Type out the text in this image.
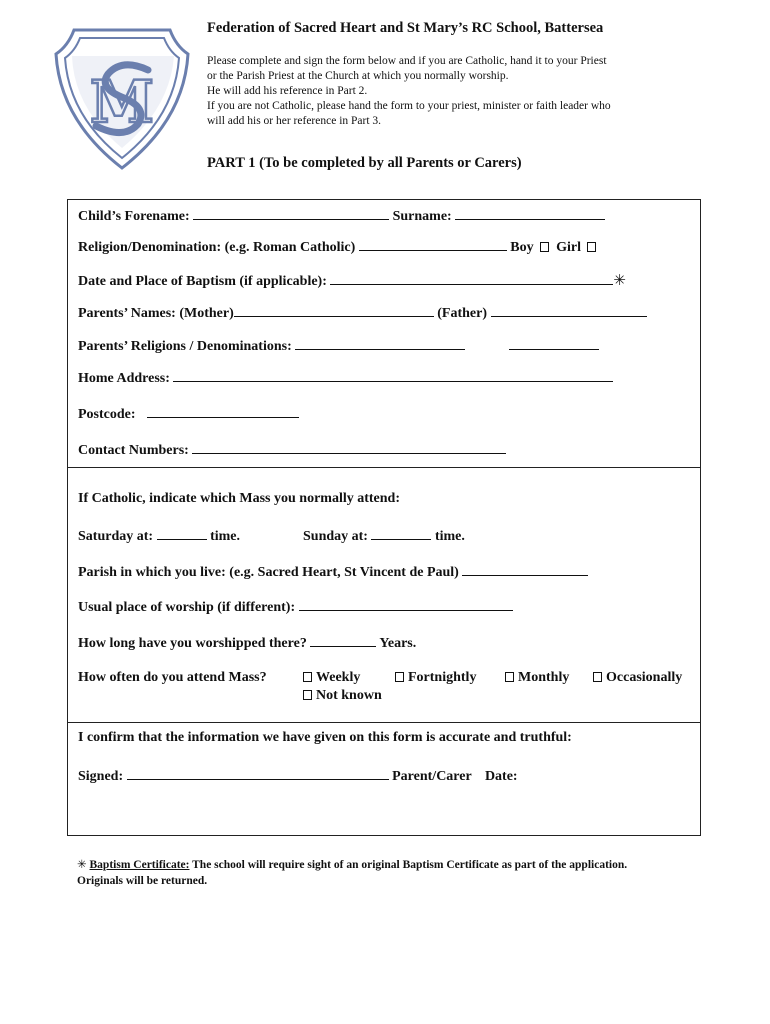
M
Federation of Sacred Heart and St Mary’s RC School, Battersea
Please complete and sign the form below and if you are Catholic, hand it to your Priest
or the Parish Priest at the Church at which you normally worship.
He will add his reference in Part 2.
If you are not Catholic, please hand the form to your priest, minister or faith leader who
will add his or her reference in Part 3.
PART 1 (To be completed by all Parents or Carers)
Child’s Forename:	Surname:
Religion/Denomination: (e.g. Roman Catholic)	Boy Girl
Date and Place of Baptism (if applicable):	✳
Parents’ Names: (Mother)	(Father)
Parents’ Religions / Denominations:
Home Address:
Postcode:
Contact Numbers:
If Catholic, indicate which Mass you normally attend:
Saturday at:	time.	Sunday at:	time.
Parish in which you live: (e.g. Sacred Heart, St Vincent de Paul)
Usual place of worship (if different):
How long have you worshipped there?	Years.
How often do you attend Mass?	Weekly	Fortnightly	Monthly	Occasionally
Not known
I confirm that the information we have given on this form is accurate and truthful:
Signed:	Parent/Carer Date:
✳ Baptism Certificate: The school will require sight of an original Baptism Certificate as part of the application.
Originals will be returned.
